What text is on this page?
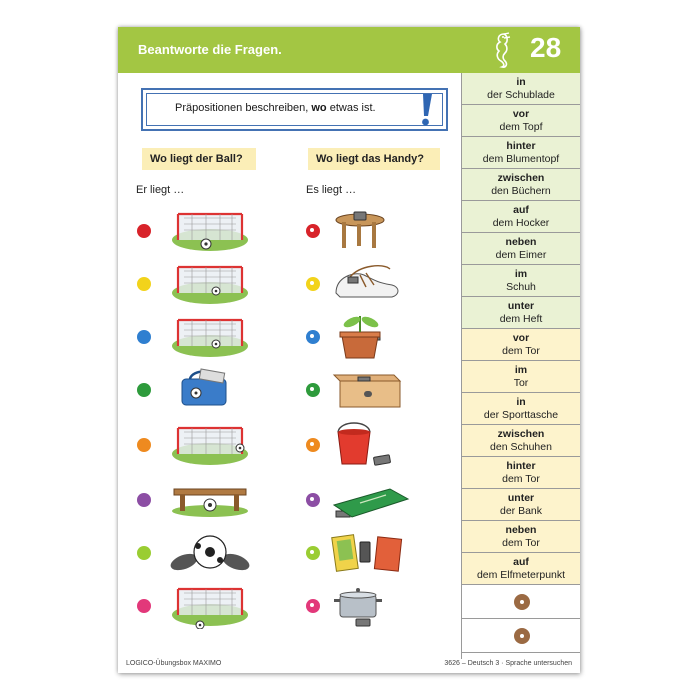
Beantworte die Fragen.	28
Präpositionen beschreiben, wo etwas ist.
Wo liegt der Ball?	Wo liegt das Handy?
Er liegt …	Es liegt …
in
der Schublade
vor
dem Topf
hinter
dem Blumentopf
zwischen
den Büchern
auf
dem Hocker
neben
dem Eimer
im
Schuh
unter
dem Heft
vor
dem Tor
im
Tor
in
der Sporttasche
zwischen
den Schuhen
hinter
dem Tor
unter
der Bank
neben
dem Tor
auf
dem Elfmeterpunkt
LOGICO-Übungsbox MAXIMO	3626 – Deutsch 3 · Sprache untersuchen
